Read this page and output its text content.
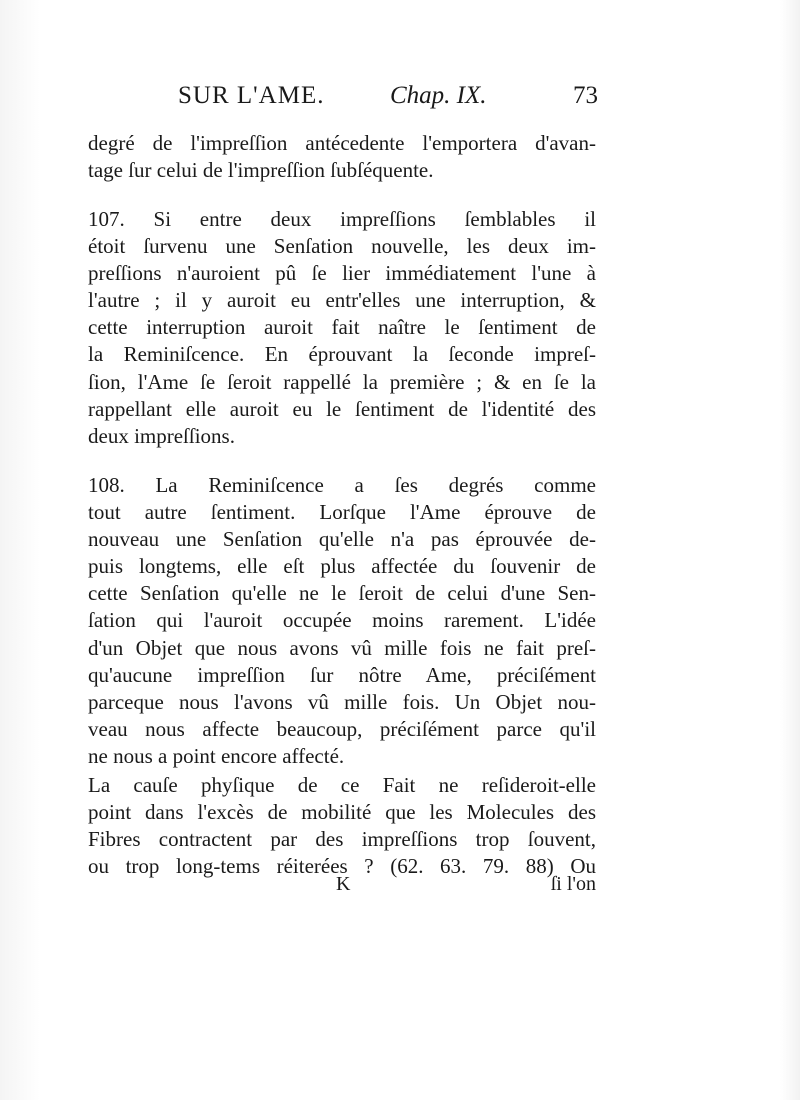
SUR L'AME.	Chap. IX.	73
degré de l'impreſſion antécedente l'emportera d'avan-
tage ſur celui de l'impreſſion ſubſéquente.
107. Si entre deux impreſſions ſemblables il
étoit ſurvenu une Senſation nouvelle, les deux im-
preſſions n'auroient pû ſe lier immédiatement l'une à
l'autre ; il y auroit eu entr'elles une interruption, &
cette interruption auroit fait naître le ſentiment de
la Reminiſcence. En éprouvant la ſeconde impreſ-
ſion, l'Ame ſe ſeroit rappellé la première ; & en ſe la
rappellant elle auroit eu le ſentiment de l'identité des
deux impreſſions.
108. La Reminiſcence a ſes degrés comme
tout autre ſentiment. Lorſque l'Ame éprouve de
nouveau une Senſation qu'elle n'a pas éprouvée de-
puis longtems, elle eſt plus affectée du ſouvenir de
cette Senſation qu'elle ne le ſeroit de celui d'une Sen-
ſation qui l'auroit occupée moins rarement. L'idée
d'un Objet que nous avons vû mille fois ne fait preſ-
qu'aucune impreſſion ſur nôtre Ame, préciſément
parceque nous l'avons vû mille fois. Un Objet nou-
veau nous affecte beaucoup, préciſément parce qu'il
ne nous a point encore affecté.
La cauſe phyſique de ce Fait ne reſideroit-elle
point dans l'excès de mobilité que les Molecules des
Fibres contractent par des impreſſions trop ſouvent,
ou trop long-tems réiterées ? (62. 63. 79. 88) Ou
K	ſi l'on
